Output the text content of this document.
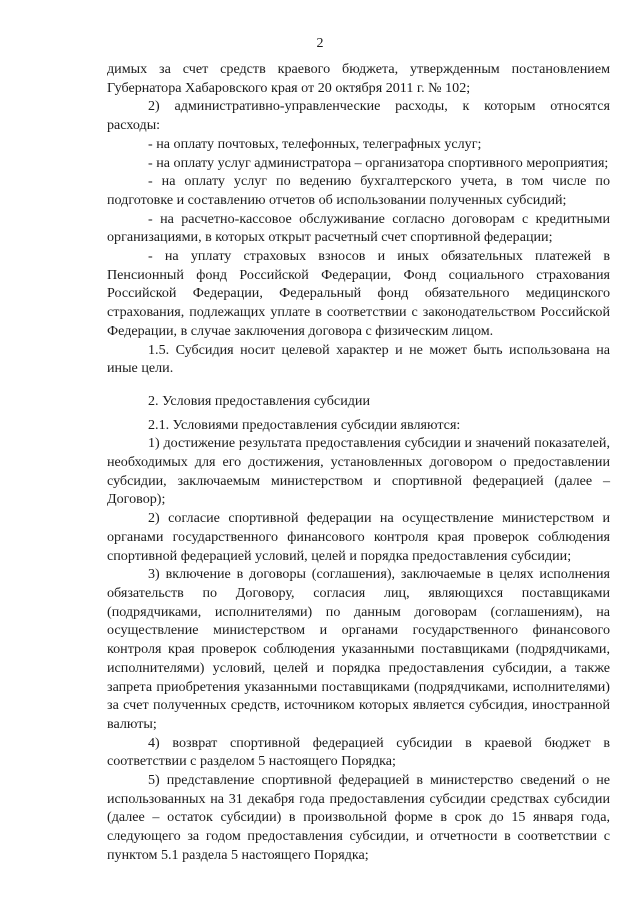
2

димых за счет средств краевого бюджета, утвержденным постановлением Губернатора Хабаровского края от 20 октября 2011 г. № 102;

2) административно-управленческие расходы, к которым относятся расходы:

- на оплату почтовых, телефонных, телеграфных услуг;

- на оплату услуг администратора – организатора спортивного мероприятия;

- на оплату услуг по ведению бухгалтерского учета, в том числе по подготовке и составлению отчетов об использовании полученных субсидий;

- на расчетно-кассовое обслуживание согласно договорам с кредитными организациями, в которых открыт расчетный счет спортивной федерации;

- на уплату страховых взносов и иных обязательных платежей в Пенсионный фонд Российской Федерации, Фонд социального страхования Российской Федерации, Федеральный фонд обязательного медицинского страхования, подлежащих уплате в соответствии с законодательством Российской Федерации, в случае заключения договора с физическим лицом.

1.5. Субсидия носит целевой характер и не может быть использована на иные цели.

2. Условия предоставления субсидии

2.1. Условиями предоставления субсидии являются:

1) достижение результата предоставления субсидии и значений показателей, необходимых для его достижения, установленных договором о предоставлении субсидии, заключаемым министерством и спортивной федерацией (далее – Договор);

2) согласие спортивной федерации на осуществление министерством и органами государственного финансового контроля края проверок соблюдения спортивной федерацией условий, целей и порядка предоставления субсидии;

3) включение в договоры (соглашения), заключаемые в целях исполнения обязательств по Договору, согласия лиц, являющихся поставщиками (подрядчиками, исполнителями) по данным договорам (соглашениям), на осуществление министерством и органами государственного финансового контроля края проверок соблюдения указанными поставщиками (подрядчиками, исполнителями) условий, целей и порядка предоставления субсидии, а также запрета приобретения указанными поставщиками (подрядчиками, исполнителями) за счет полученных средств, источником которых является субсидия, иностранной валюты;

4) возврат спортивной федерацией субсидии в краевой бюджет в соответствии с разделом 5 настоящего Порядка;

5) представление спортивной федерацией в министерство сведений о не использованных на 31 декабря года предоставления субсидии средствах субсидии (далее – остаток субсидии) в произвольной форме в срок до 15 января года, следующего за годом предоставления субсидии, и отчетности в соответствии с пунктом 5.1 раздела 5 настоящего Порядка;
